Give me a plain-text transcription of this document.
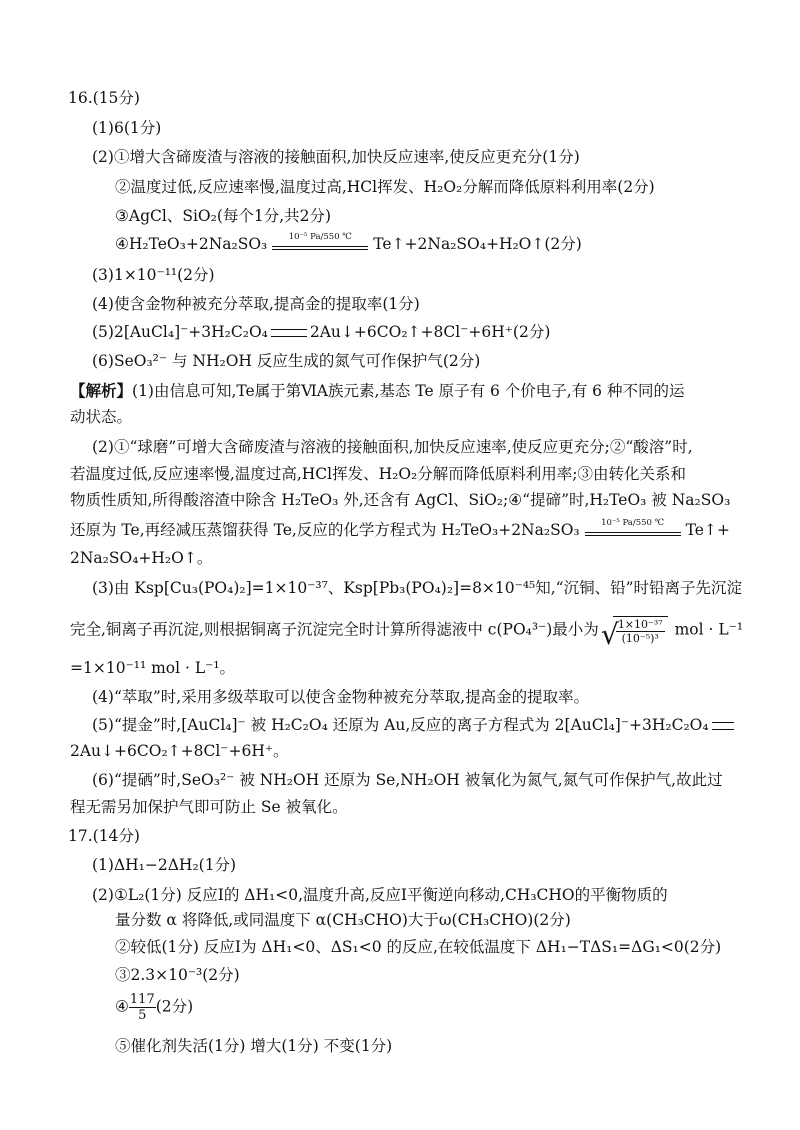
16.(15分)
(1)6(1分)
(2)①增大含碲废渣与溶液的接触面积,加快反应速率,使反应更充分(1分)
②温度过低,反应速率慢,温度过高,HCl挥发、H₂O₂分解而降低原料利用率(2分)
③AgCl、SiO₂(每个1分,共2分)
④H₂TeO₃+2Na₂SO₃	10⁻⁵ Pa/550 ℃	Te↑+2Na₂SO₄+H₂O↑(2分)
(3)1×10⁻¹¹(2分)
(4)使含金物种被充分萃取,提高金的提取率(1分)
(5)2[AuCl₄]⁻+3H₂C₂O₄	2Au↓+6CO₂↑+8Cl⁻+6H⁺(2分)
(6)SeO₃²⁻ 与 NH₂OH 反应生成的氮气可作保护气(2分)
【解析】(1)由信息可知,Te属于第ⅥA族元素,基态 Te 原子有 6 个价电子,有 6 种不同的运
动状态。
(2)①“球磨”可增大含碲废渣与溶液的接触面积,加快反应速率,使反应更充分;②“酸溶”时,
若温度过低,反应速率慢,温度过高,HCl挥发、H₂O₂分解而降低原料利用率;③由转化关系和
物质性质知,所得酸溶渣中除含 H₂TeO₃ 外,还含有 AgCl、SiO₂;④“提碲”时,H₂TeO₃ 被 Na₂SO₃
还原为 Te,再经减压蒸馏获得 Te,反应的化学方程式为 H₂TeO₃+2Na₂SO₃	10⁻⁵ Pa/550 ℃	Te↑+
2Na₂SO₄+H₂O↑。
(3)由 Ksp[Cu₃(PO₄)₂]=1×10⁻³⁷、Ksp[Pb₃(PO₄)₂]=8×10⁻⁴⁵知,“沉铜、铅”时铅离子先沉淀
完全,铜离子再沉淀,则根据铜离子沉淀完全时计算所得滤液中 c(PO₄³⁻)最小为 √
$\frac{\text{1×10⁻³⁷}}{\text{(10⁻⁵)³}}$ mol · L⁻¹
=1×10⁻¹¹ mol · L⁻¹。
(4)“萃取”时,采用多级萃取可以使含金物种被充分萃取,提高金的提取率。
(5)“提金”时,[AuCl₄]⁻ 被 H₂C₂O₄ 还原为 Au,反应的离子方程式为 2[AuCl₄]⁻+3H₂C₂O₄
2Au↓+6CO₂↑+8Cl⁻+6H⁺。
(6)“提硒”时,SeO₃²⁻ 被 NH₂OH 还原为 Se,NH₂OH 被氧化为氮气,氮气可作保护气,故此过
程无需另加保护气即可防止 Se 被氧化。
17.(14分)
(1)ΔH₁−2ΔH₂(1分)
(2)①L₂(1分) 反应Ⅰ的 ΔH₁<0,温度升高,反应Ⅰ平衡逆向移动,CH₃CHO的平衡物质的
量分数 α 将降低,或同温度下 α(CH₃CHO)大于ω(CH₃CHO)(2分)
②较低(1分) 反应Ⅰ为 ΔH₁<0、ΔS₁<0 的反应,在较低温度下 ΔH₁−TΔS₁=ΔG₁<0(2分)
③2.3×10⁻³(2分)
④ $\frac{117}{5} (2$分)
⑤催化剂失活(1分) 增大(1分) 不变(1分)
